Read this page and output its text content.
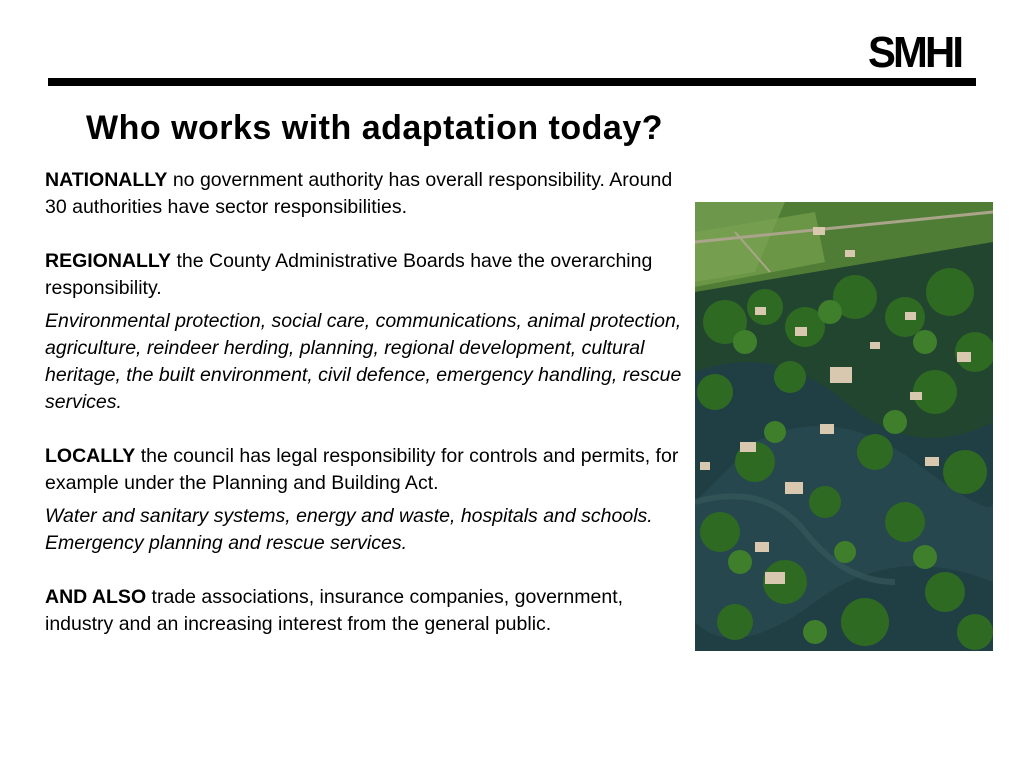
SMHI
Who works with adaptation today?

NATIONALLY no government authority has overall responsibility. Around 30 authorities have sector responsibilities.

REGIONALLY the County Administrative Boards have the overarching responsibility.

Environmental protection, social care, communications, animal protection, agriculture, reindeer herding, planning, regional development, cultural heritage, the built environment, civil defence, emergency handling, rescue services.

LOCALLY the council has legal responsibility for controls and permits, for example under the Planning and Building Act.

Water and sanitary systems, energy and waste, hospitals and schools. Emergency planning and rescue services.

AND ALSO trade associations, insurance companies, government, industry and an increasing interest from the general public.
